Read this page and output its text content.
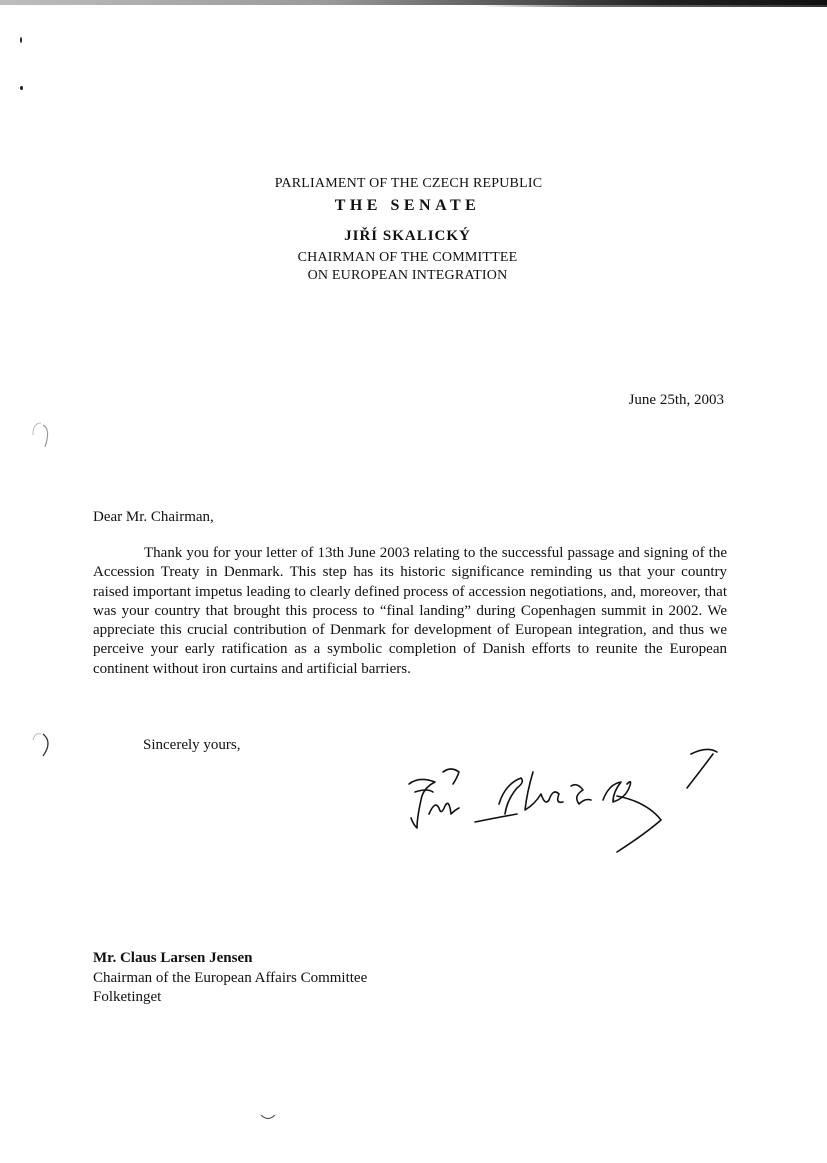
PARLIAMENT OF THE CZECH REPUBLIC
THE SENATE
JIŘÍ SKALICKÝ
CHAIRMAN OF THE COMMITTEE
ON EUROPEAN INTEGRATION
June 25th, 2003
Dear Mr. Chairman,
Thank you for your letter of 13th June 2003 relating to the successful passage and signing of the Accession Treaty in Denmark. This step has its historic significance reminding us that your country raised important impetus leading to clearly defined process of accession negotiations, and, moreover, that was your country that brought this process to “final landing” during Copenhagen summit in 2002. We appreciate this crucial contribution of Denmark for development of European integration, and thus we perceive your early ratification as a symbolic completion of Danish efforts to reunite the European continent without iron curtains and artificial barriers.
Sincerely yours,
Mr. Claus Larsen Jensen
Chairman of the European Affairs Committee
Folketinget
